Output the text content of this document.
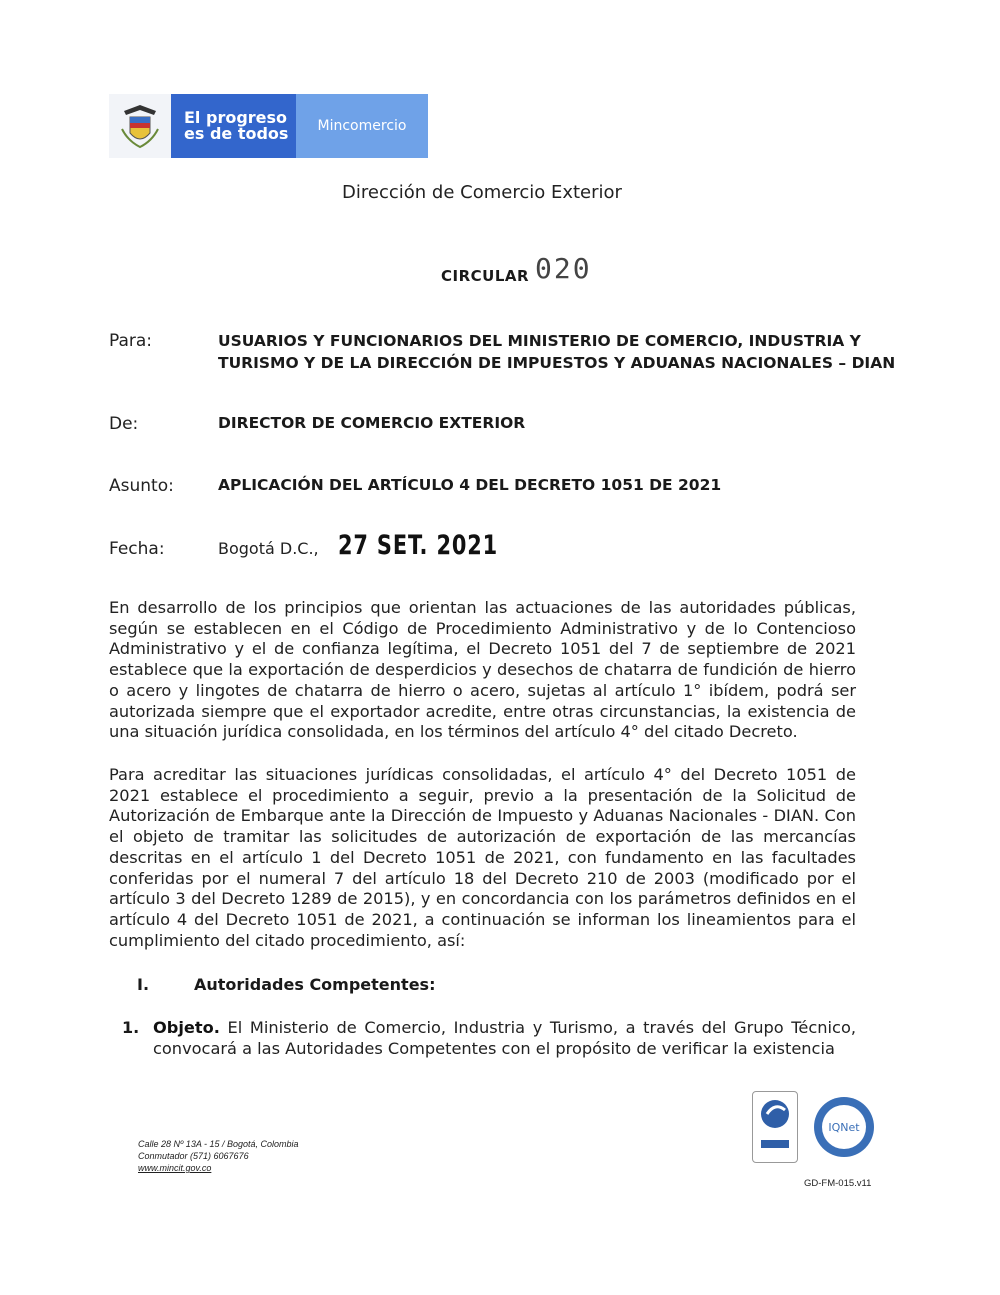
El progreso
es de todos	Mincomercio
Dirección de Comercio Exterior
CIRCULAR 020
Para:	USUARIOS Y FUNCIONARIOS DEL MINISTERIO DE COMERCIO, INDUSTRIA Y
TURISMO Y DE LA DIRECCIÓN DE IMPUESTOS Y ADUANAS NACIONALES – DIAN
De:	DIRECTOR DE COMERCIO EXTERIOR
Asunto:	APLICACIÓN DEL ARTÍCULO 4 DEL DECRETO 1051 DE 2021
Fecha:	Bogotá D.C., 27 SET. 2021
En desarrollo de los principios que orientan las actuaciones de las autoridades públicas, según se establecen en el Código de Procedimiento Administrativo y de lo Contencioso Administrativo y el de confianza legítima, el Decreto 1051 del 7 de septiembre de 2021 establece que la exportación de desperdicios y desechos de chatarra de fundición de hierro o acero y lingotes de chatarra de hierro o acero, sujetas al artículo 1° ibídem, podrá ser autorizada siempre que el exportador acredite, entre otras circunstancias, la existencia de una situación jurídica consolidada, en los términos del artículo 4° del citado Decreto.
Para acreditar las situaciones jurídicas consolidadas, el artículo 4° del Decreto 1051 de 2021 establece el procedimiento a seguir, previo a la presentación de la Solicitud de Autorización de Embarque ante la Dirección de Impuesto y Aduanas Nacionales - DIAN. Con el objeto de tramitar las solicitudes de autorización de exportación de las mercancías descritas en el artículo 1 del Decreto 1051 de 2021, con fundamento en las facultades conferidas por el numeral 7 del artículo 18 del Decreto 210 de 2003 (modificado por el artículo 3 del Decreto 1289 de 2015), y en concordancia con los parámetros definidos en el artículo 4 del Decreto 1051 de 2021, a continuación se informan los lineamientos para el cumplimiento del citado procedimiento, así:
I.	Autoridades Competentes:
1. Objeto. El Ministerio de Comercio, Industria y Turismo, a través del Grupo Técnico, convocará a las Autoridades Competentes con el propósito de verificar la existencia
Calle 28 Nº 13A - 15 / Bogotá, Colombia
Conmutador (571) 6067676
www.mincit.gov.co
IQNet
GD-FM-015.v11
